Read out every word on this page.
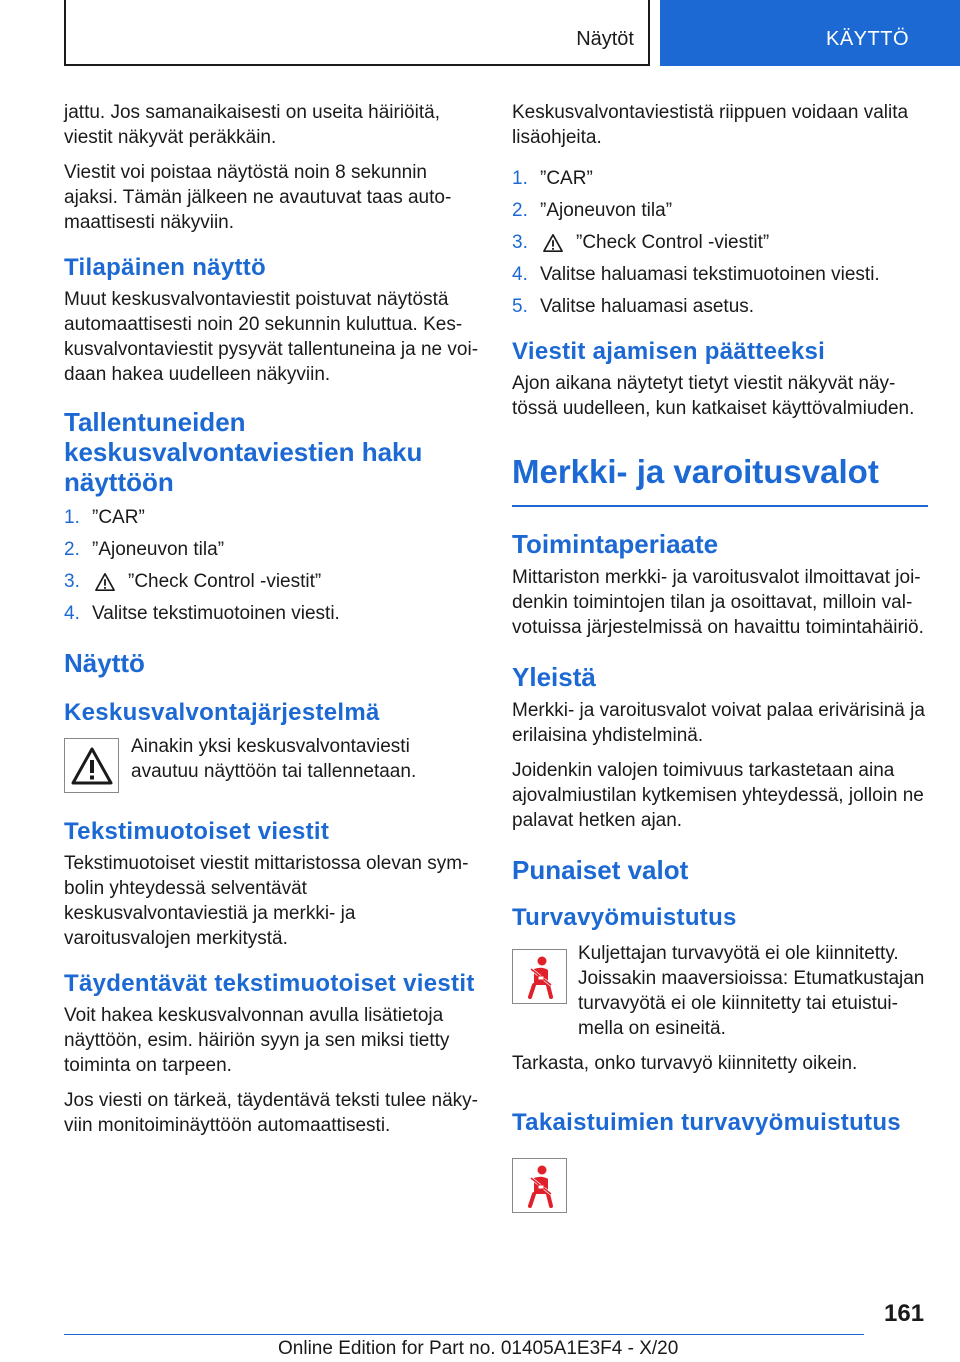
Näytöt	KÄYTTÖ

jattu. Jos samanaikaisesti on useita häiriöitä, viestit näkyvät peräkkäin.

Viestit voi poistaa näytöstä noin 8 sekunnin ajaksi. Tämän jälkeen ne avautuvat taas automaattisesti näkyviin.

Tilapäinen näyttö

Muut keskusvalvontaviestit poistuvat näytöstä automaattisesti noin 20 sekunnin kuluttua. Keskusvalvontaviestit pysyvät tallentuneina ja ne voidaan hakea uudelleen näkyviin.

Tallentuneiden keskusvalvontaviestien haku näyttöön
1. ”CAR”
2. ”Ajoneuvon tila”
3.	”Check Control -viestit”
4. Valitse tekstimuotoinen viesti.
Näyttö
Keskusvalvontajärjestelmä

Ainakin yksi keskusvalvontaviesti avautuu näyttöön tai tallennetaan.

Tekstimuotoiset viestit

Tekstimuotoiset viestit mittaristossa olevan symbolin yhteydessä selventävät keskusvalvontaviestiä ja merkki- ja varoitusvalojen merkitystä.

Täydentävät tekstimuotoiset viestit

Voit hakea keskusvalvonnan avulla lisätietoja näyttöön, esim. häiriön syyn ja sen miksi tietty toiminta on tarpeen.

Jos viesti on tärkeä, täydentävä teksti tulee näkyviin monitoiminäyttöön automaattisesti.

Keskusvalvontaviestistä riippuen voidaan valita lisäohjeita.

1. ”CAR”
2. ”Ajoneuvon tila”
3.	”Check Control -viestit”
4. Valitse haluamasi tekstimuotoinen viesti.
5. Valitse haluamasi asetus.
Viestit ajamisen päätteeksi

Ajon aikana näytetyt tietyt viestit näkyvät näytössä uudelleen, kun katkaiset käyttövalmiuden.

Merkki- ja varoitusvalot
Toimintaperiaate

Mittariston merkki- ja varoitusvalot ilmoittavat joidenkin toimintojen tilan ja osoittavat, milloin valvotuissa järjestelmissä on havaittu toimintahäiriö.

Yleistä

Merkki- ja varoitusvalot voivat palaa erivärisinä ja erilaisina yhdistelminä.

Joidenkin valojen toimivuus tarkastetaan aina ajovalmiustilan kytkemisen yhteydessä, jolloin ne palavat hetken ajan.

Punaiset valot
Turvavyömuistutus

Kuljettajan turvavyötä ei ole kiinnitetty. Joissakin maaversioissa: Etumatkustajan turvavyötä ei ole kiinnitetty tai etuistuimella on esineitä.

Tarkasta, onko turvavyö kiinnitetty oikein.

Takaistuimien turvavyömuistutus
161
Online Edition for Part no. 01405A1E3F4 - X/20
